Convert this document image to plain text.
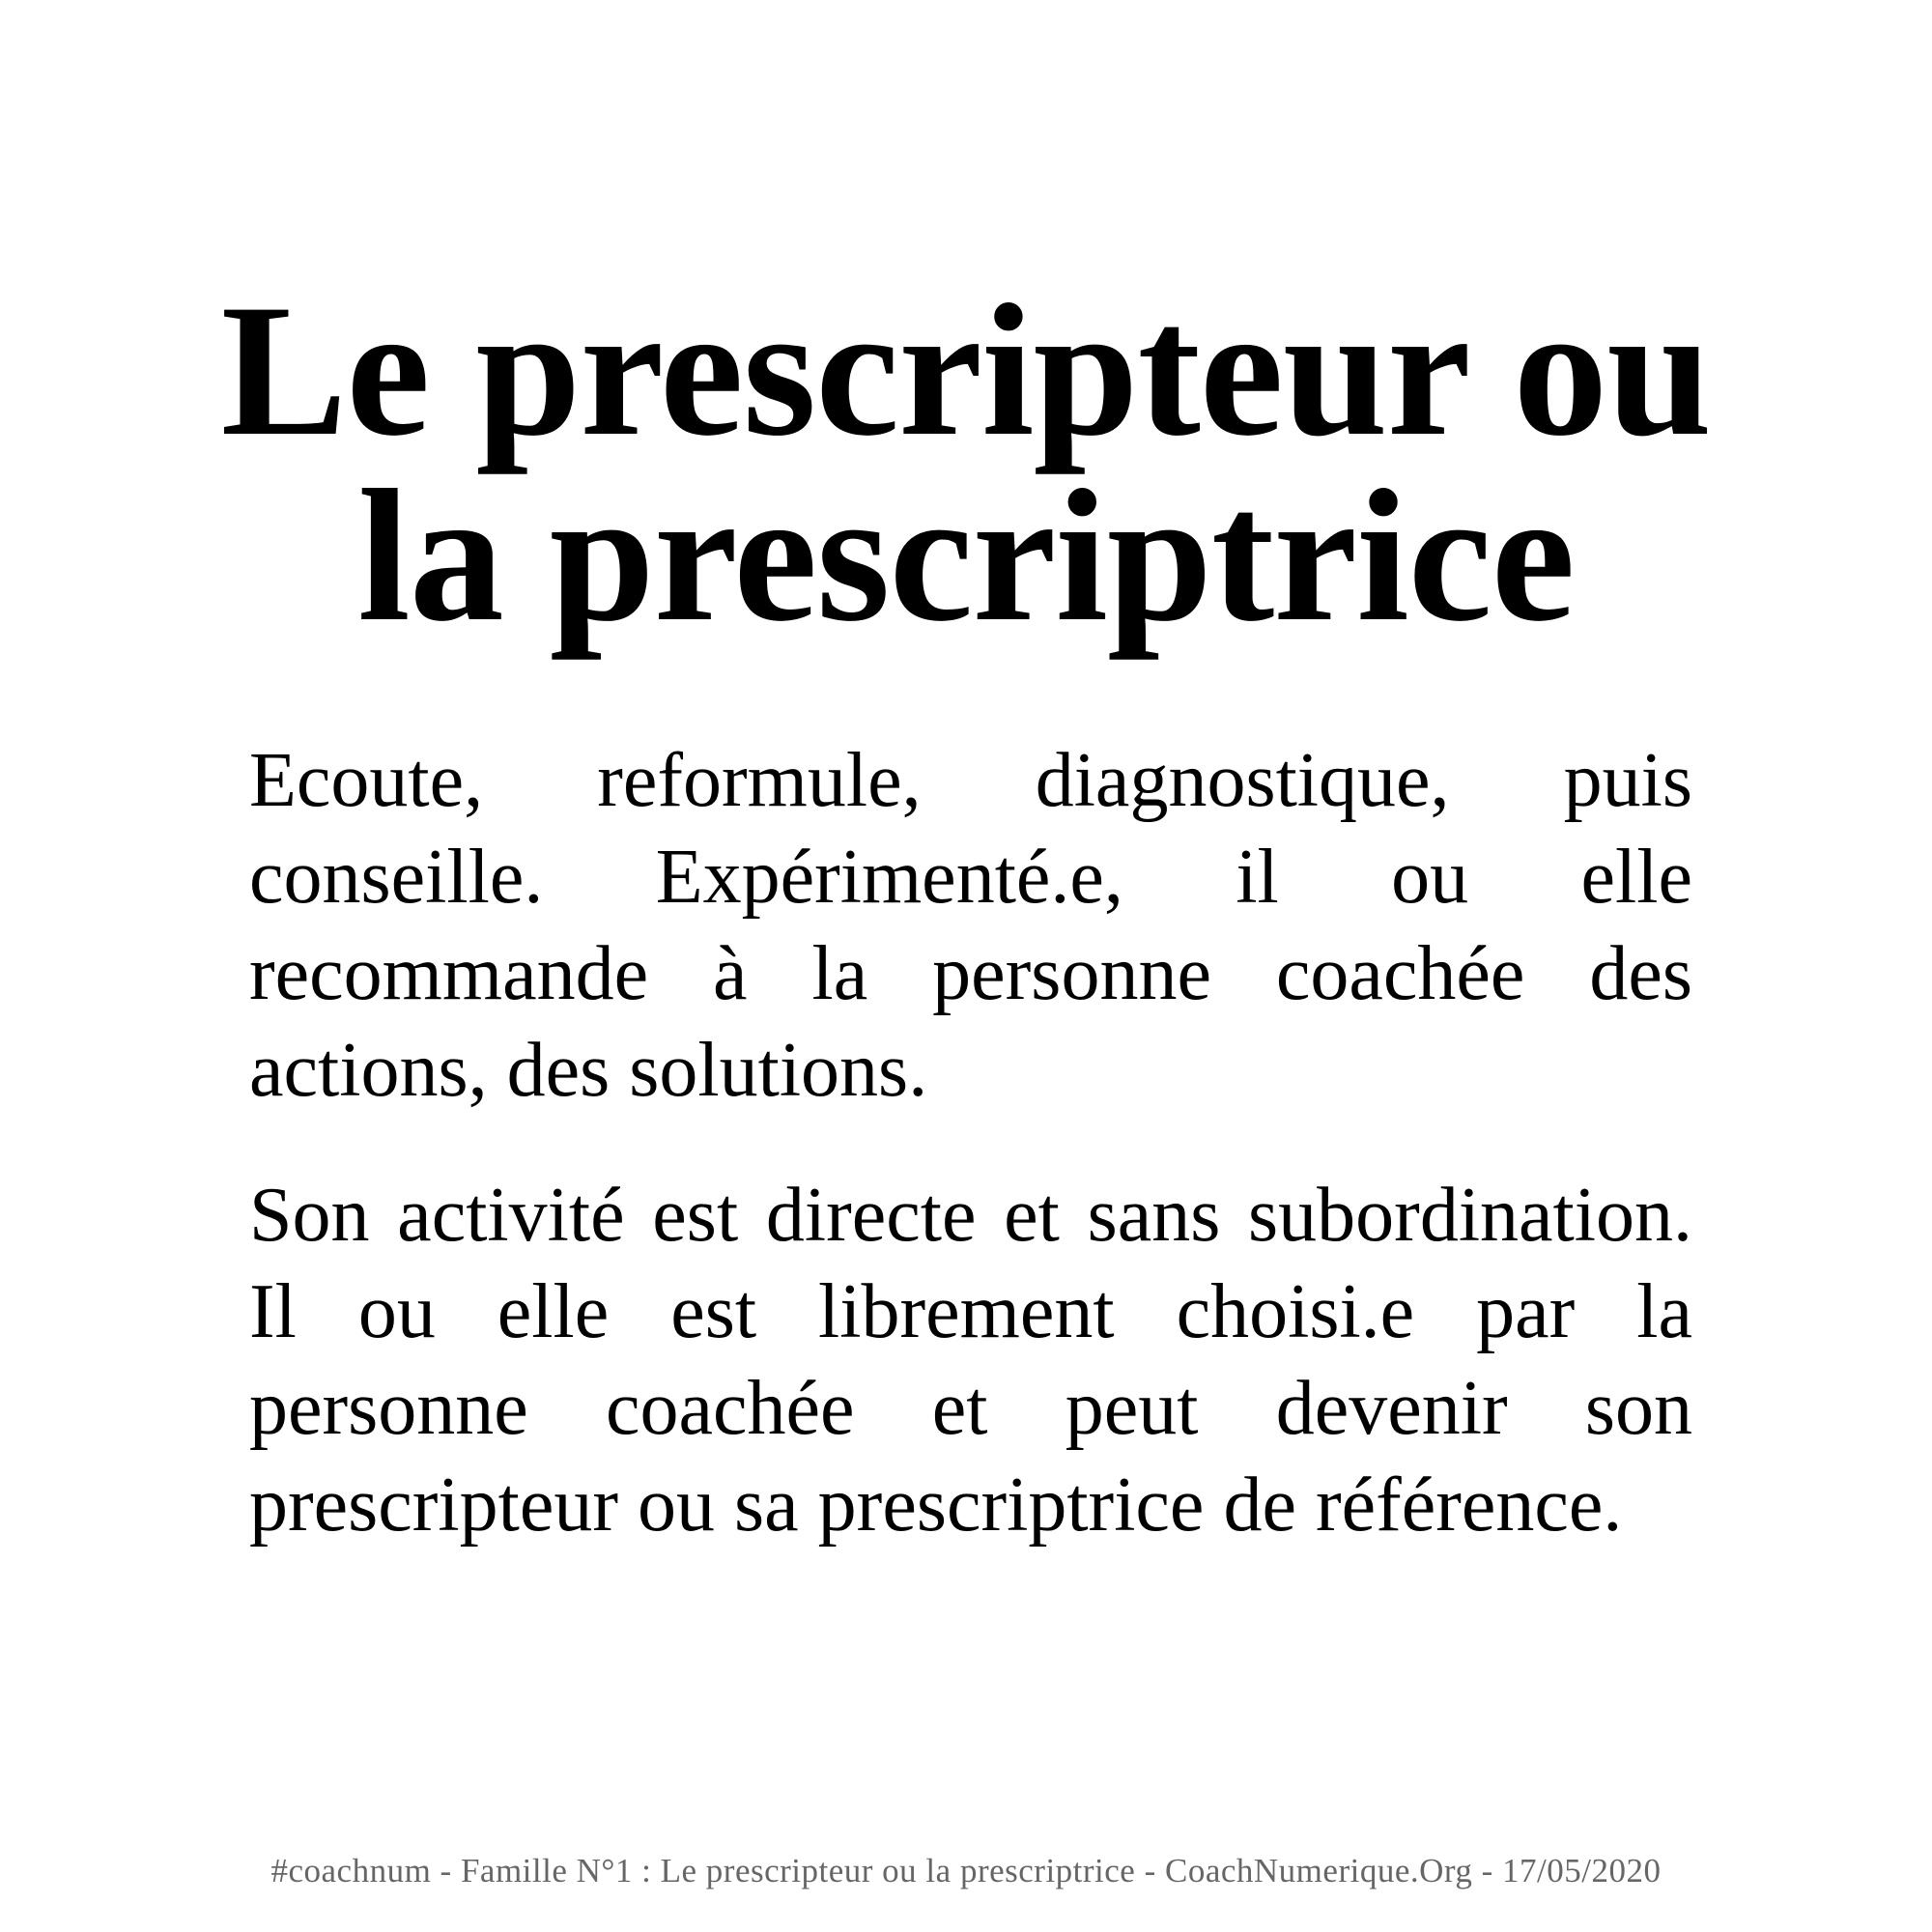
Le prescripteur ou
la prescriptrice

Ecoute, reformule, diagnostique, puis conseille. Expérimenté.e, il ou elle recommande à la personne coachée des actions, des solutions.

Son activité est directe et sans subordination. Il ou elle est librement choisi.e par la personne coachée et peut devenir son prescripteur ou sa prescriptrice de référence.

#coachnum - Famille N°1 : Le prescripteur ou la prescriptrice - CoachNumerique.Org - 17/05/2020
